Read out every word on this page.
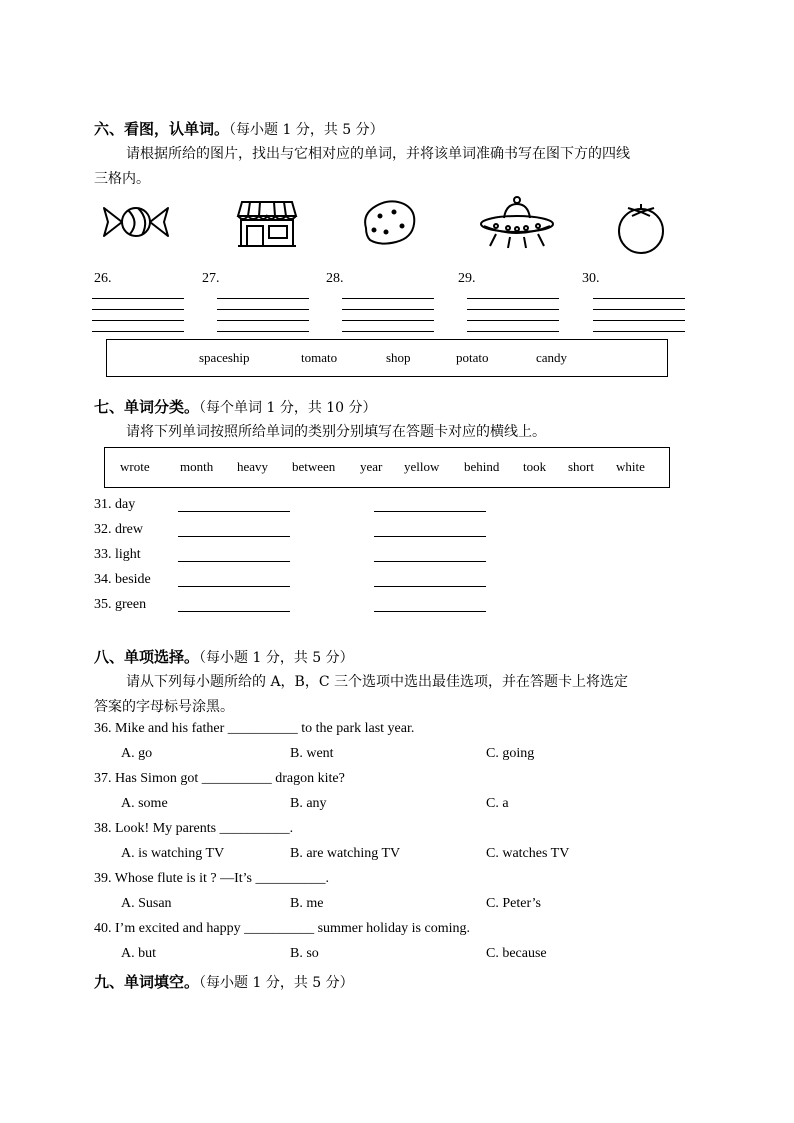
六、看图，认单词。（每小题 1 分，共 5 分）
请根据所给的图片，找出与它相对应的单词，并将该单词准确书写在图下方的四线
三格内。
26.	27.	28.	29.	30.
spaceship	tomato	shop	potato	candy
七、单词分类。（每个单词 1 分，共 10 分）
请将下列单词按照所给单词的类别分别填写在答题卡对应的横线上。
wrote month heavy between year yellow behind took short white
31. day
32. drew
33. light
34. beside
35. green
八、单项选择。（每小题 1 分，共 5 分）
请从下列每小题所给的 A，B，C 三个选项中选出最佳选项，并在答题卡上将选定
答案的字母标号涂黑。
36. Mike and his father __________ to the park last year.
A. go	B. went	C. going
37. Has Simon got __________ dragon kite?
A. some	B. any	C. a
38. Look! My parents __________.
A. is watching TV	B. are watching TV	C. watches TV
39. Whose flute is it ? —It’s __________.
A. Susan	B. me	C. Peter’s
40. I’m excited and happy __________ summer holiday is coming.
A. but	B. so	C. because
九、单词填空。（每小题 1 分，共 5 分）
